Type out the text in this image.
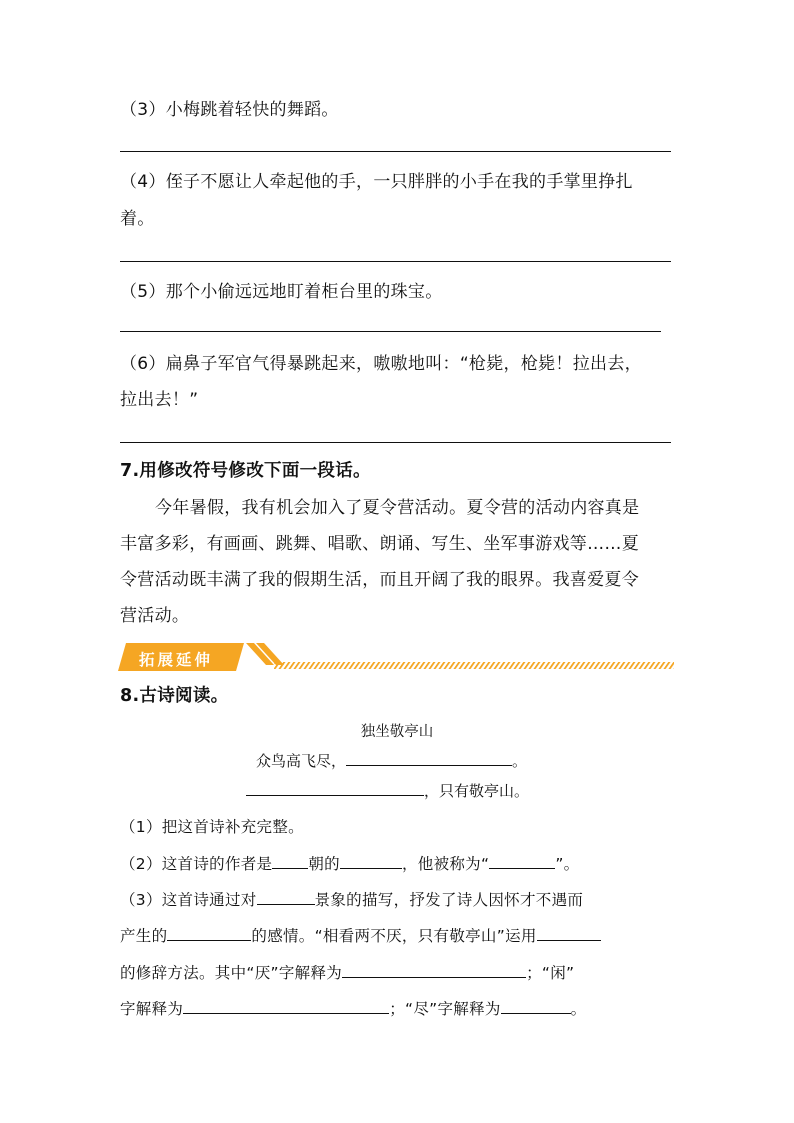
（3）小梅跳着轻快的舞蹈。
（4）侄子不愿让人牵起他的手，一只胖胖的小手在我的手掌里挣扎
着。
（5）那个小偷远远地盯着柜台里的珠宝。
（6）扁鼻子军官气得暴跳起来，嗷嗷地叫：“枪毙，枪毙！拉出去，
拉出去！”
7.用修改符号修改下面一段话。
今年暑假，我有机会加入了夏令营活动。夏令营的活动内容真是
丰富多彩，有画画、跳舞、唱歌、朗诵、写生、坐军事游戏等……夏
令营活动既丰满了我的假期生活，而且开阔了我的眼界。我喜爱夏令
营活动。
拓展延伸
8.古诗阅读。
独坐敬亭山
众鸟高飞尽，	。
，只有敬亭山。
（1）把这首诗补充完整。
（2）这首诗的作者是 朝的	，他被称为“	”。
（3）这首诗通过对	景象的描写，抒发了诗人因怀才不遇而
产生的	的感情。“相看两不厌，只有敬亭山”运用
的修辞方法。其中“厌”字解释为	；“闲”
字解释为	；“尽”字解释为	。
